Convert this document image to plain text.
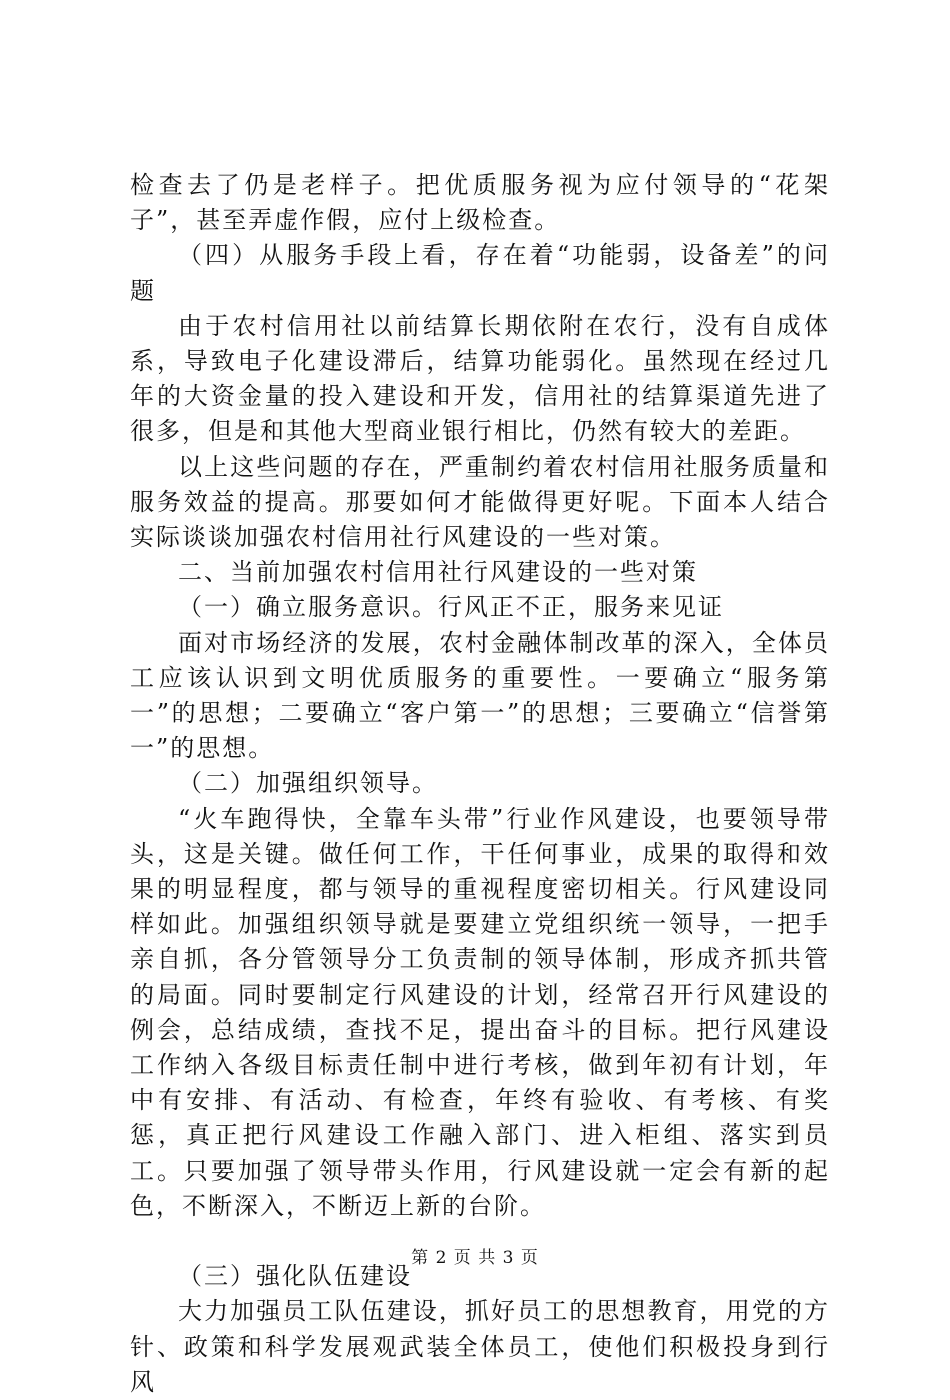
检查去了仍是老样子。把优质服务视为应付领导的“花架子”，甚至弄虚作假，应付上级检查。

（四）从服务手段上看，存在着“功能弱，设备差”的问题

由于农村信用社以前结算长期依附在农行，没有自成体系，导致电子化建设滞后，结算功能弱化。虽然现在经过几年的大资金量的投入建设和开发，信用社的结算渠道先进了很多，但是和其他大型商业银行相比，仍然有较大的差距。

以上这些问题的存在，严重制约着农村信用社服务质量和服务效益的提高。那要如何才能做得更好呢。下面本人结合实际谈谈加强农村信用社行风建设的一些对策。

二、当前加强农村信用社行风建设的一些对策

（一）确立服务意识。行风正不正，服务来见证

面对市场经济的发展，农村金融体制改革的深入，全体员工应该认识到文明优质服务的重要性。一要确立“服务第一”的思想；二要确立“客户第一”的思想；三要确立“信誉第一”的思想。

（二）加强组织领导。

“火车跑得快，全靠车头带”行业作风建设，也要领导带头，这是关键。做任何工作，干任何事业，成果的取得和效果的明显程度，都与领导的重视程度密切相关。行风建设同样如此。加强组织领导就是要建立党组织统一领导，一把手亲自抓，各分管领导分工负责制的领导体制，形成齐抓共管的局面。同时要制定行风建设的计划，经常召开行风建设的例会，总结成绩，查找不足，提出奋斗的目标。把行风建设工作纳入各级目标责任制中进行考核，做到年初有计划，年中有安排、有活动、有检查，年终有验收、有考核、有奖惩，真正把行风建设工作融入部门、进入柜组、落实到员工。只要加强了领导带头作用，行风建设就一定会有新的起色，不断深入，不断迈上新的台阶。

（三）强化队伍建设

大力加强员工队伍建设，抓好员工的思想教育，用党的方针、政策和科学发展观武装全体员工，使他们积极投身到行风

第 2 页 共 3 页
